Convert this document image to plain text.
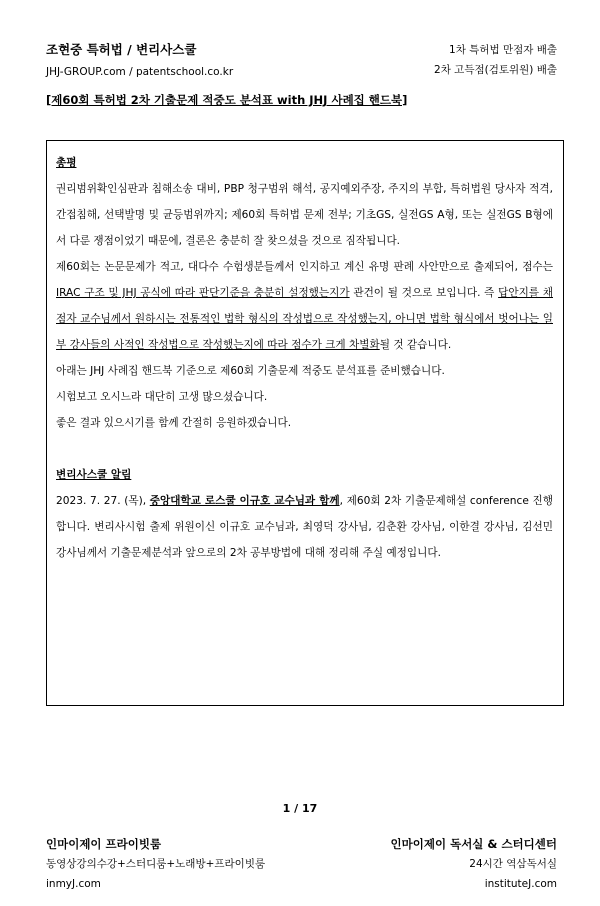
조현중 특허법 / 변리사스쿨
JHJ-GROUP.com / patentschool.co.kr
1차 특허법 만점자 배출
2차 고득점(검토위원) 배출
[제60회 특허법 2차 기출문제 적중도 분석표 with JHJ 사례집 핸드북]
총평
권리범위확인심판과 침해소송 대비, PBP 청구범위 해석, 공지예외주장, 주지의 부합, 특허법원 당사자 적격, 간접침해, 선택발명 및 균등범위까지; 제60회 특허법 문제 전부; 기초GS, 실전GS A형, 또는 실전GS B형에서 다룬 쟁점이었기 때문에, 결론은 충분히 잘 찾으셨을 것으로 짐작됩니다.
제60회는 논문문제가 적고, 대다수 수험생분들께서 인지하고 계신 유명 판례 사안만으로 출제되어, 점수는 IRAC 구조 및 JHJ 공식에 따라 판단기준을 충분히 설정했는지가 관건이 될 것으로 보입니다. 즉 답안지를 채점자 교수님께서 원하시는 전통적인 법학 형식의 작성법으로 작성했는지, 아니면 법학 형식에서 벗어나는 일부 강사들의 사적인 작성법으로 작성했는지에 따라 점수가 크게 차별화될 것 같습니다.
아래는 JHJ 사례집 핸드북 기준으로 제60회 기출문제 적중도 분석표를 준비했습니다.
시험보고 오시느라 대단히 고생 많으셨습니다.
좋은 결과 있으시기를 함께 간절히 응원하겠습니다.
변리사스쿨 알림
2023. 7. 27. (목), 중앙대학교 로스쿨 이규호 교수님과 함께, 제60회 2차 기출문제해설 conference 진행합니다. 변리사시험 출제 위원이신 이규호 교수님과, 최영덕 강사님, 김춘환 강사님, 이한결 강사님, 김선민 강사님께서 기출문제분석과 앞으로의 2차 공부방법에 대해 정리해 주실 예정입니다.
1 / 17
인마이제이 프라이빗룸
동영상강의수강+스터디룸+노래방+프라이빗룸
inmyJ.com
인마이제이 독서실 & 스터디센터
24시간 역삼독서실
instituteJ.com
